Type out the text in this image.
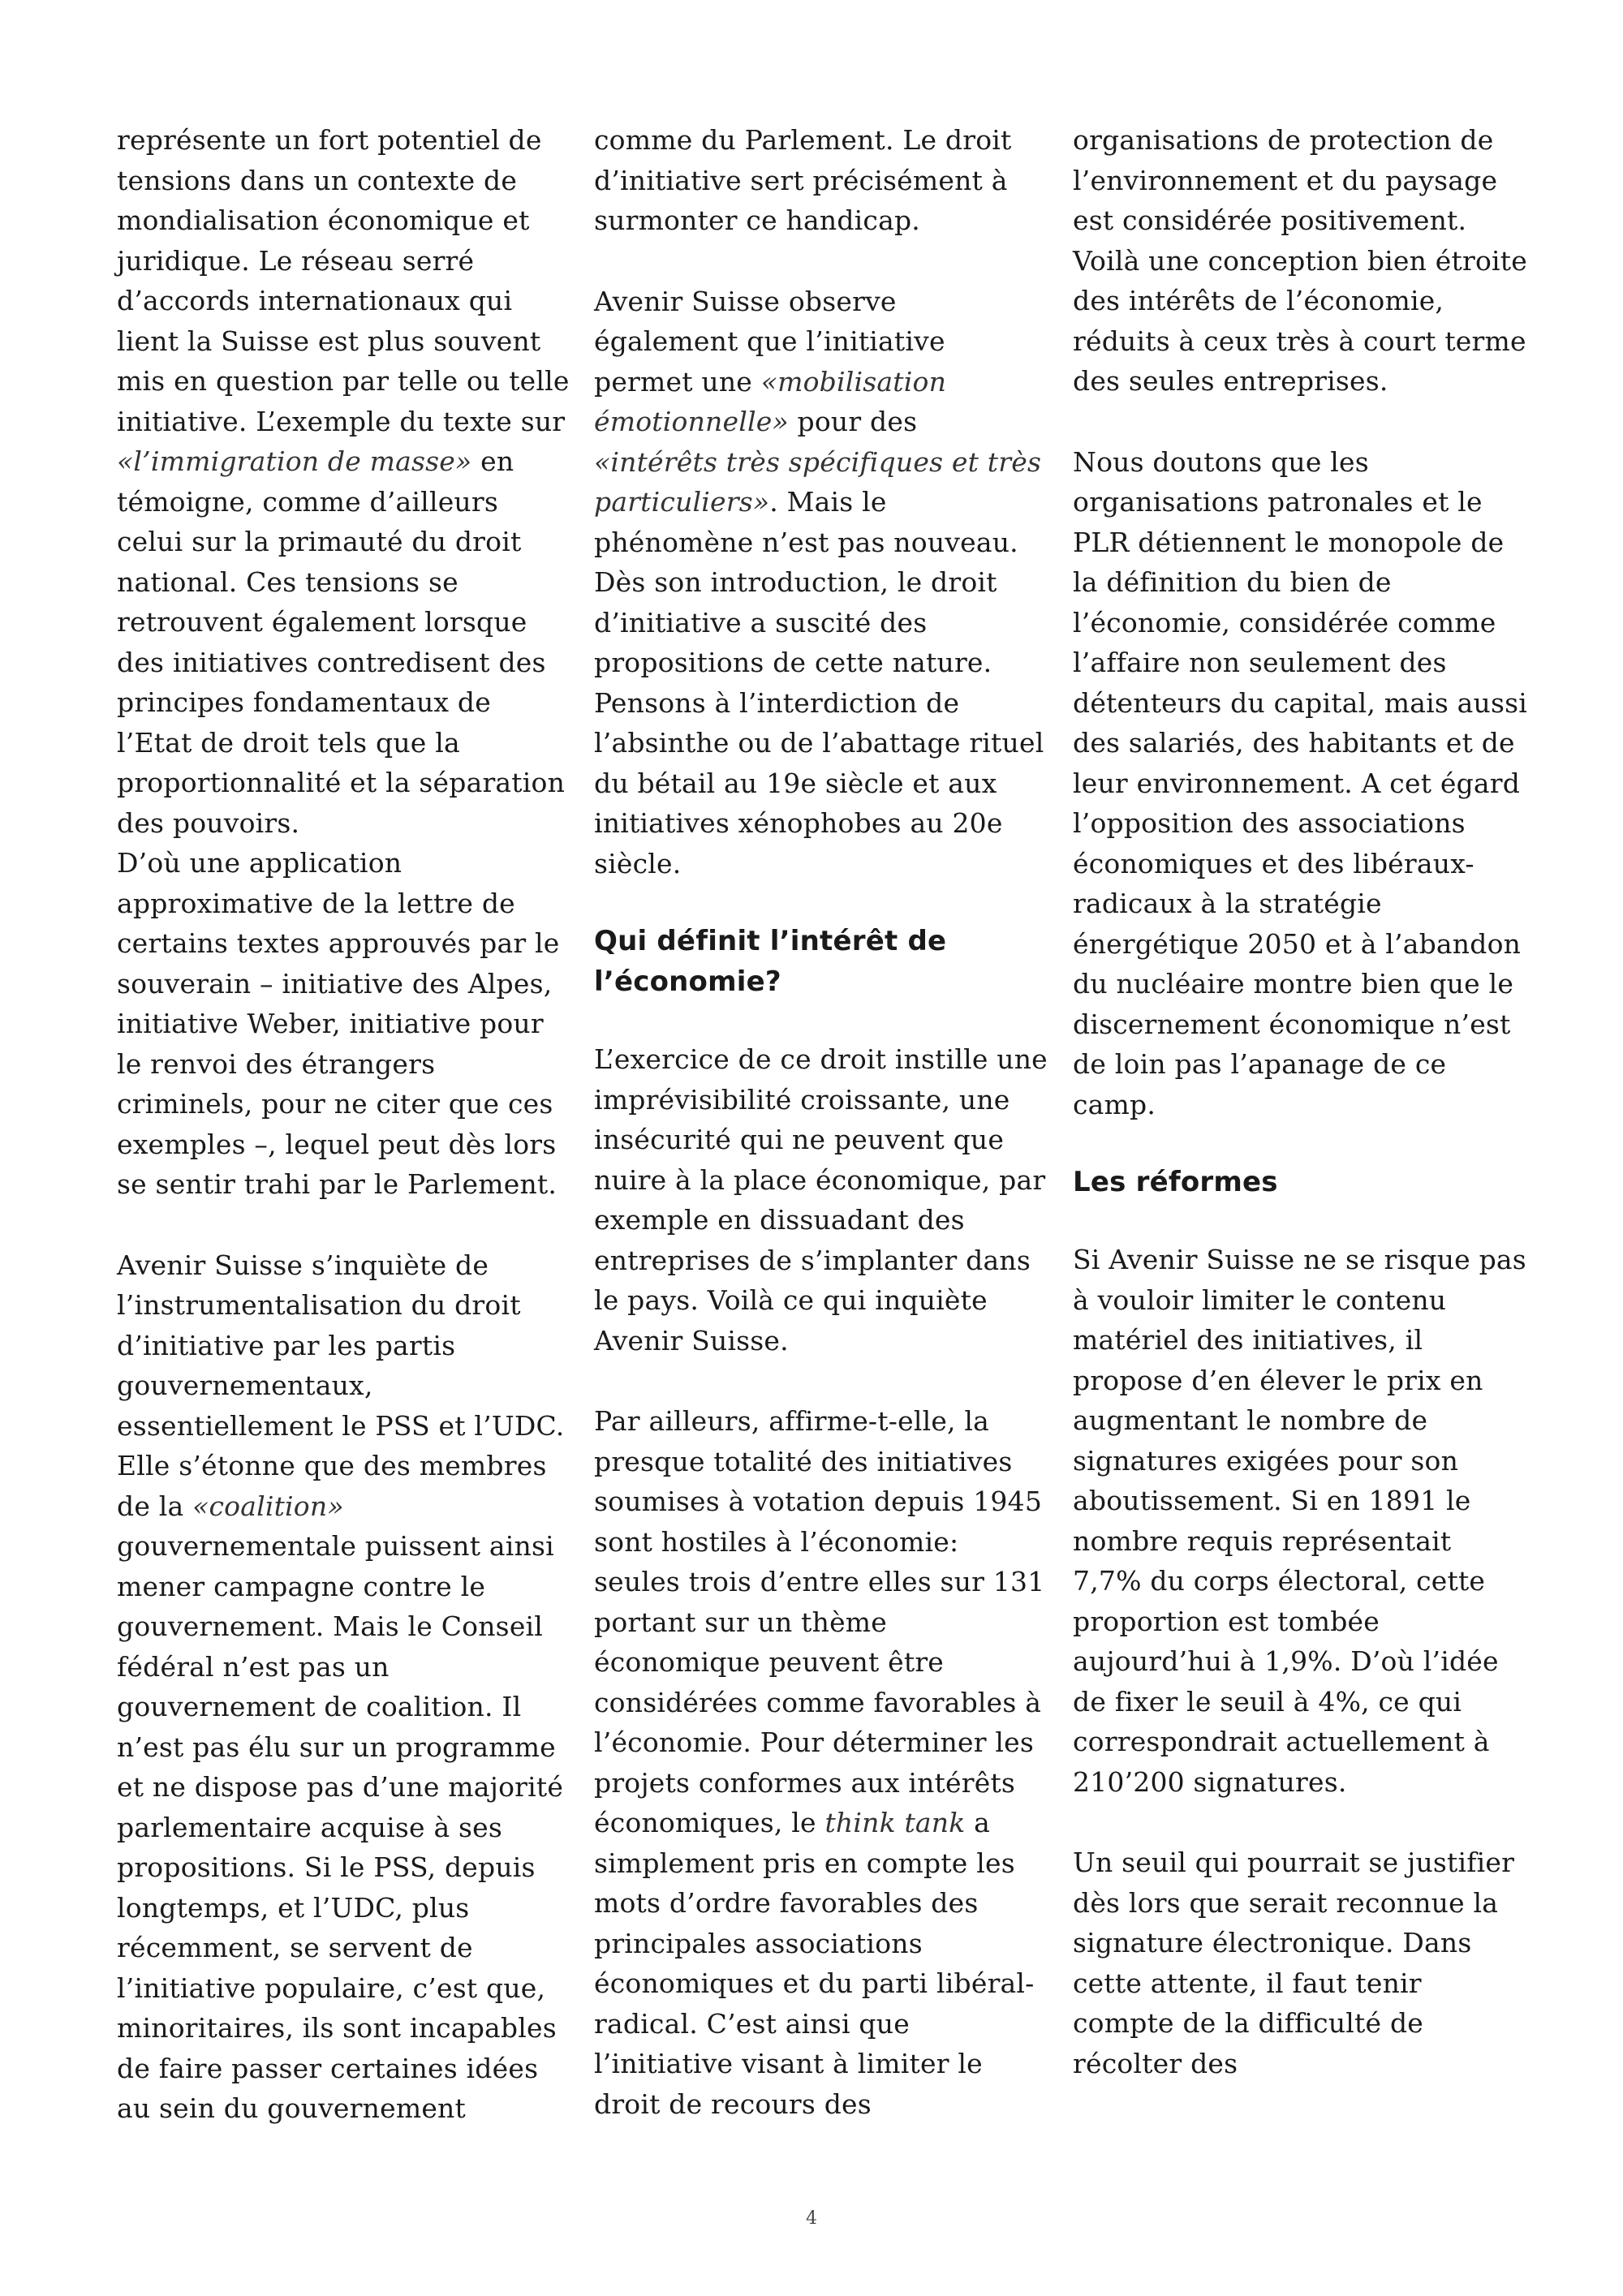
représente un fort potentiel de tensions dans un contexte de mondialisation économique et juridique. Le réseau serré d’accords internationaux qui lient la Suisse est plus souvent mis en question par telle ou telle initiative. L’exemple du texte sur «l’immigration de masse» en témoigne, comme d’ailleurs celui sur la primauté du droit national. Ces tensions se retrouvent également lorsque des initiatives contredisent des principes fondamentaux de l’Etat de droit tels que la proportionnalité et la séparation des pouvoirs.
D’où une application approximative de la lettre de certains textes approuvés par le souverain – initiative des Alpes, initiative Weber, initiative pour le renvoi des étrangers criminels, pour ne citer que ces exemples –, lequel peut dès lors se sentir trahi par le Parlement.
Avenir Suisse s’inquiète de l’instrumentalisation du droit d’initiative par les partis gouvernementaux, essentiellement le PSS et l’UDC. Elle s’étonne que des membres de la «coalition» gouvernementale puissent ainsi mener campagne contre le gouvernement. Mais le Conseil fédéral n’est pas un gouvernement de coalition. Il n’est pas élu sur un programme et ne dispose pas d’une majorité parlementaire acquise à ses propositions. Si le PSS, depuis longtemps, et l’UDC, plus récemment, se servent de l’initiative populaire, c’est que, minoritaires, ils sont incapables de faire passer certaines idées au sein du gouvernement
comme du Parlement. Le droit d’initiative sert précisément à surmonter ce handicap.
Avenir Suisse observe également que l’initiative permet une «mobilisation émotionnelle» pour des «intérêts très spécifiques et très particuliers». Mais le phénomène n’est pas nouveau. Dès son introduction, le droit d’initiative a suscité des propositions de cette nature. Pensons à l’interdiction de l’absinthe ou de l’abattage rituel du bétail au 19e siècle et aux initiatives xénophobes au 20e siècle.
Qui définit l’intérêt de
l’économie?
L’exercice de ce droit instille une imprévisibilité croissante, une insécurité qui ne peuvent que nuire à la place économique, par exemple en dissuadant des entreprises de s’implanter dans le pays. Voilà ce qui inquiète Avenir Suisse.
Par ailleurs, affirme-t-elle, la presque totalité des initiatives soumises à votation depuis 1945 sont hostiles à l’économie: seules trois d’entre elles sur 131 portant sur un thème économique peuvent être considérées comme favorables à l’économie. Pour déterminer les projets conformes aux intérêts économiques, le think tank a simplement pris en compte les mots d’ordre favorables des principales associations économiques et du parti libéral-radical. C’est ainsi que l’initiative visant à limiter le droit de recours des
organisations de protection de l’environnement et du paysage est considérée positivement. Voilà une conception bien étroite des intérêts de l’économie, réduits à ceux très à court terme des seules entreprises.
Nous doutons que les organisations patronales et le PLR détiennent le monopole de la définition du bien de l’économie, considérée comme l’affaire non seulement des détenteurs du capital, mais aussi des salariés, des habitants et de leur environnement. A cet égard l’opposition des associations économiques et des libéraux-radicaux à la stratégie énergétique 2050 et à l’abandon du nucléaire montre bien que le discernement économique n’est de loin pas l’apanage de ce camp.
Les réformes
Si Avenir Suisse ne se risque pas à vouloir limiter le contenu matériel des initiatives, il propose d’en élever le prix en augmentant le nombre de signatures exigées pour son aboutissement. Si en 1891 le nombre requis représentait 7,7% du corps électoral, cette proportion est tombée aujourd’hui à 1,9%. D’où l’idée de fixer le seuil à 4%, ce qui correspondrait actuellement à 210’200 signatures.
Un seuil qui pourrait se justifier dès lors que serait reconnue la signature électronique. Dans cette attente, il faut tenir compte de la difficulté de récolter des
4
